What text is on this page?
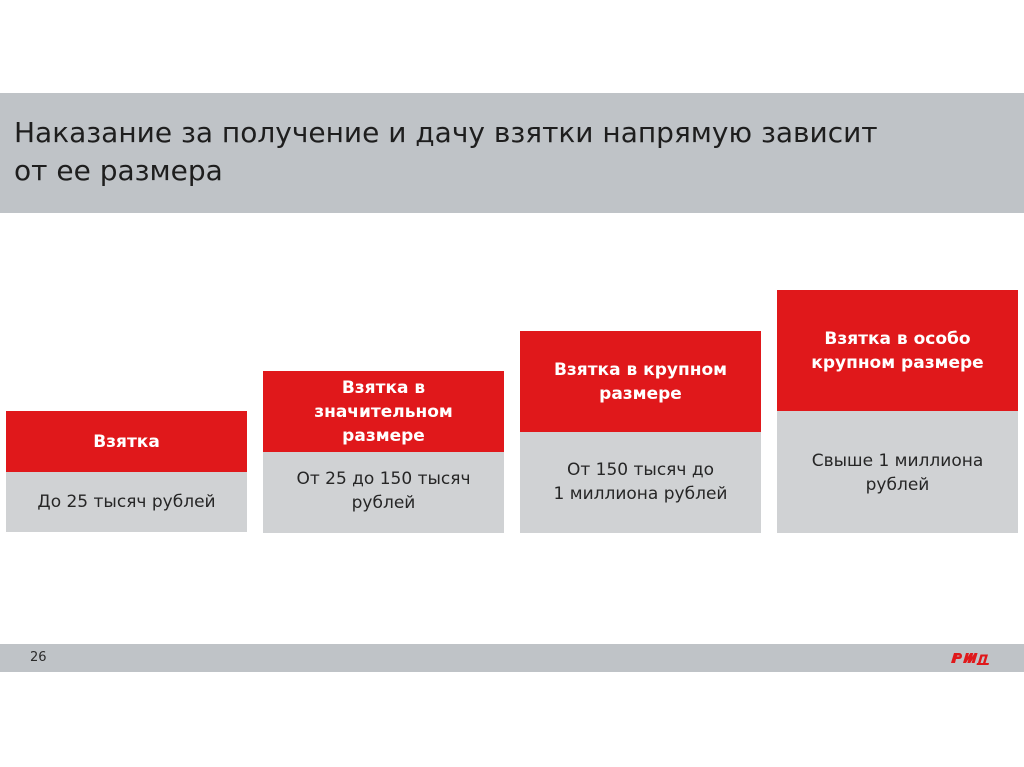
Наказание за получение и дачу взятки напрямую зависит
от ее размера
Взятка
До 25 тысяч рублей
Взятка в
значительном
размере
От 25 до 150 тысяч
рублей
Взятка в крупном
размере
От 150 тысяч до
1 миллиона рублей
Взятка в особо
крупном размере
Свыше 1 миллиона
рублей
26
